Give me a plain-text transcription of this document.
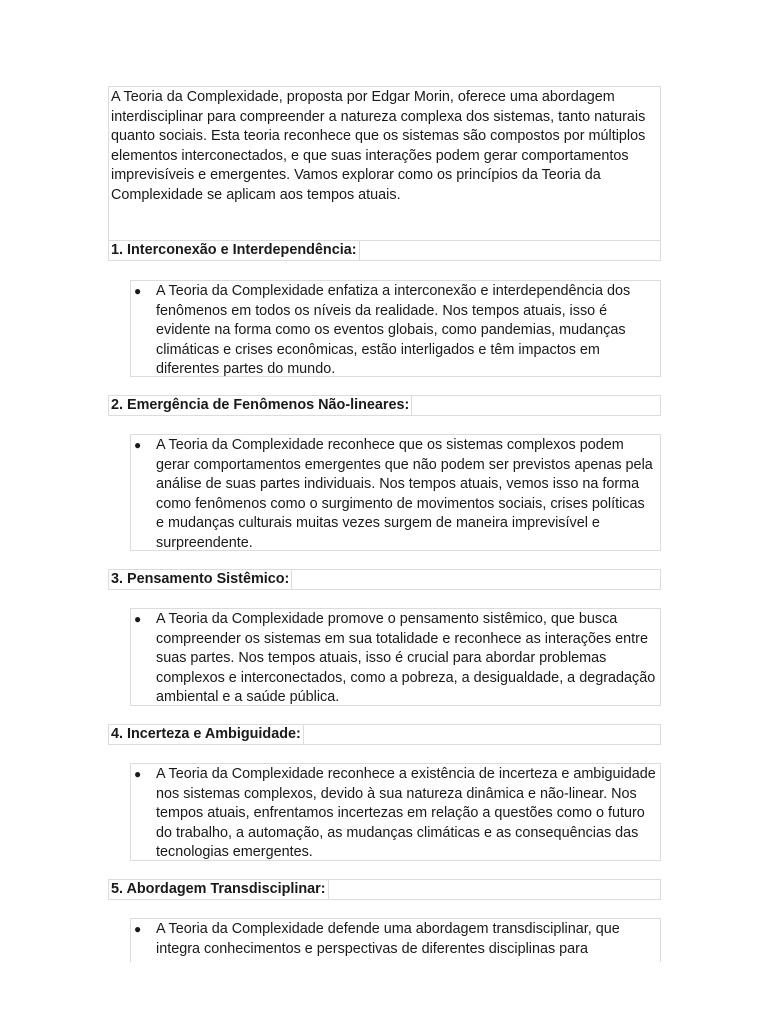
A Teoria da Complexidade, proposta por Edgar Morin, oferece uma abordagem interdisciplinar para compreender a natureza complexa dos sistemas, tanto naturais quanto sociais. Esta teoria reconhece que os sistemas são compostos por múltiplos elementos interconectados, e que suas interações podem gerar comportamentos imprevisíveis e emergentes. Vamos explorar como os princípios da Teoria da Complexidade se aplicam aos tempos atuais.

1. Interconexão e Interdependência:
● A Teoria da Complexidade enfatiza a interconexão e interdependência dos fenômenos em todos os níveis da realidade. Nos tempos atuais, isso é evidente na forma como os eventos globais, como pandemias, mudanças climáticas e crises econômicas, estão interligados e têm impactos em diferentes partes do mundo.

2. Emergência de Fenômenos Não-lineares:
● A Teoria da Complexidade reconhece que os sistemas complexos podem gerar comportamentos emergentes que não podem ser previstos apenas pela análise de suas partes individuais. Nos tempos atuais, vemos isso na forma como fenômenos como o surgimento de movimentos sociais, crises políticas e mudanças culturais muitas vezes surgem de maneira imprevisível e surpreendente.

3. Pensamento Sistêmico:
● A Teoria da Complexidade promove o pensamento sistêmico, que busca compreender os sistemas em sua totalidade e reconhece as interações entre suas partes. Nos tempos atuais, isso é crucial para abordar problemas complexos e interconectados, como a pobreza, a desigualdade, a degradação ambiental e a saúde pública.

4. Incerteza e Ambiguidade:
● A Teoria da Complexidade reconhece a existência de incerteza e ambiguidade nos sistemas complexos, devido à sua natureza dinâmica e não-linear. Nos tempos atuais, enfrentamos incertezas em relação a questões como o futuro do trabalho, a automação, as mudanças climáticas e as consequências das tecnologias emergentes.

5. Abordagem Transdisciplinar:
● A Teoria da Complexidade defende uma abordagem transdisciplinar, que integra conhecimentos e perspectivas de diferentes disciplinas para
